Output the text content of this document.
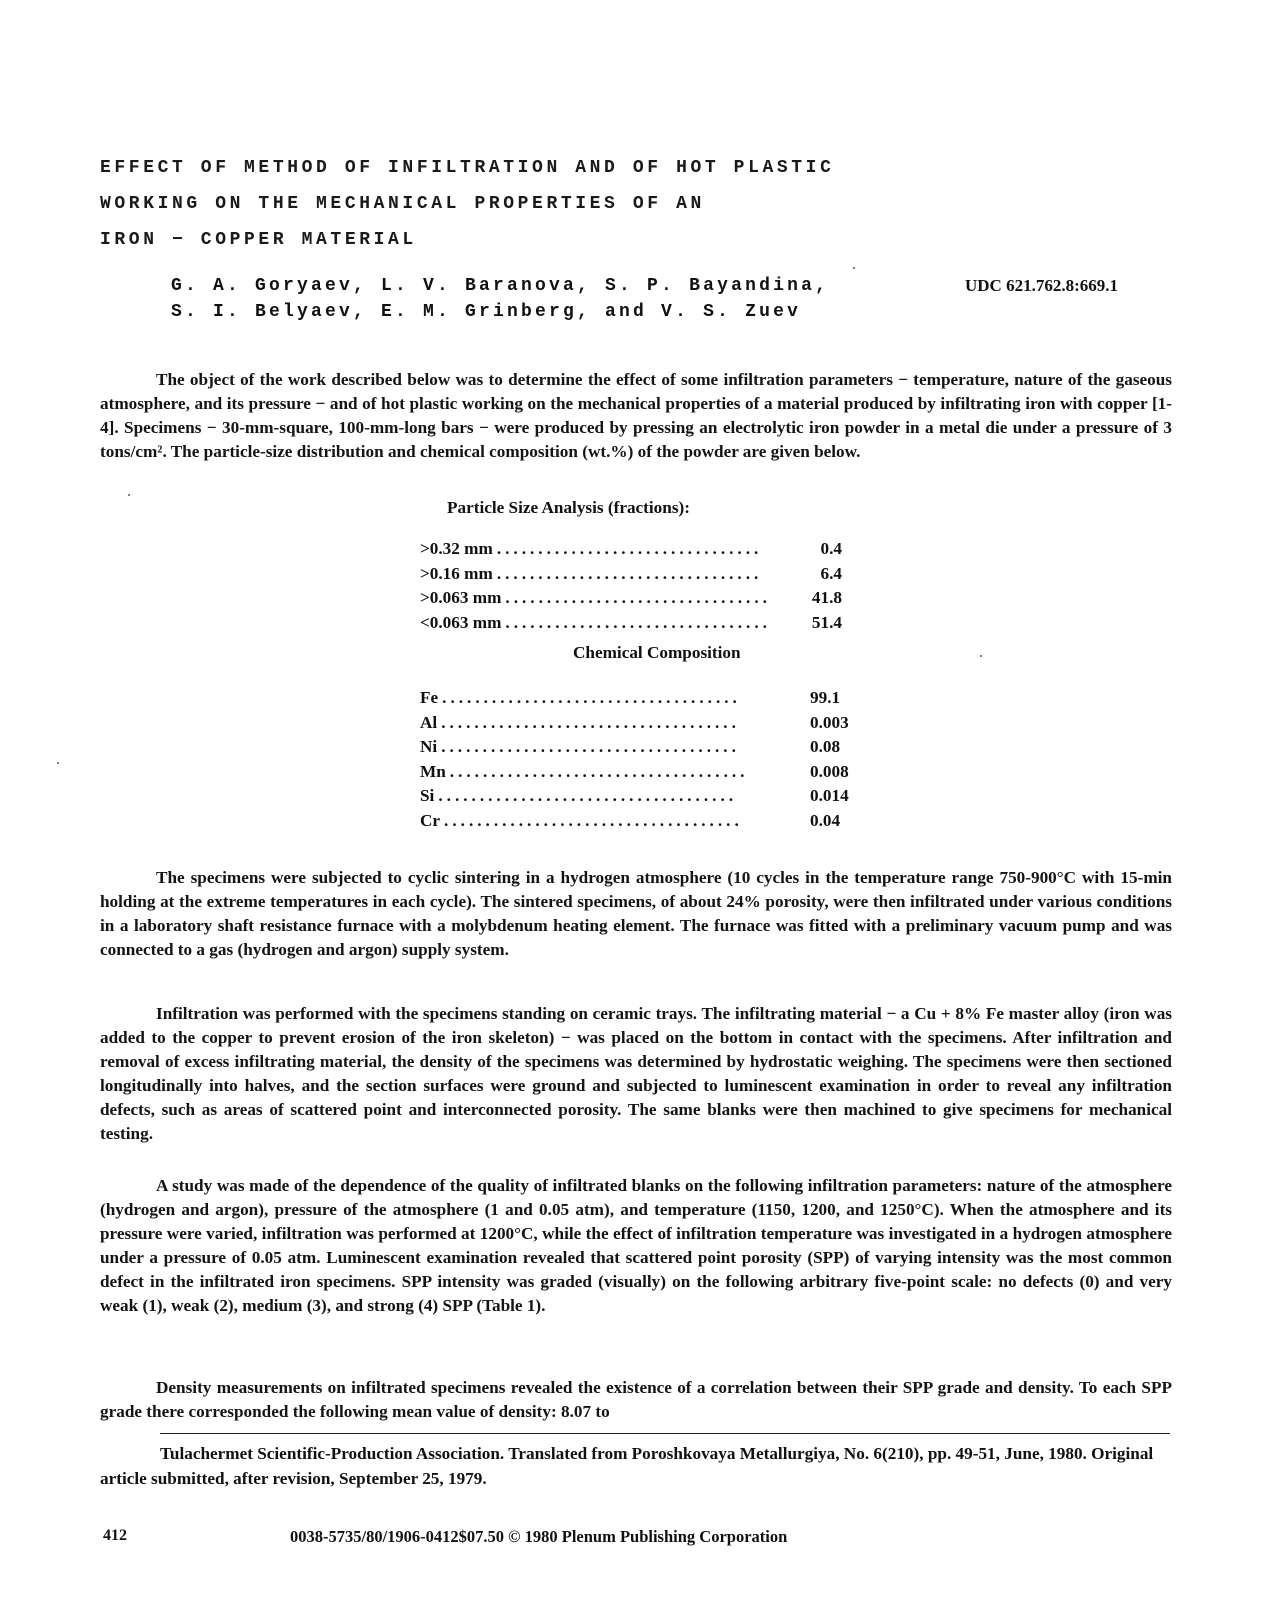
EFFECT OF METHOD OF INFILTRATION AND OF HOT PLASTIC
WORKING ON THE MECHANICAL PROPERTIES OF AN
IRON − COPPER MATERIAL
G. A. Goryaev, L. V. Baranova, S. P. Bayandina,
S. I. Belyaev, E. M. Grinberg, and V. S. Zuev
UDC 621.762.8:669.1
The object of the work described below was to determine the effect of some infiltration parameters − temperature, nature of the gaseous atmosphere, and its pressure − and of hot plastic working on the mechanical properties of a material produced by infiltrating iron with copper [1-4]. Specimens − 30-mm-square, 100-mm-long bars − were produced by pressing an electrolytic iron powder in a metal die under a pressure of 3 tons/cm². The particle-size distribution and chemical composition (wt.%) of the powder are given below.
Particle Size Analysis (fractions):
>0.32 mm ................................	0.4
>0.16 mm ................................	6.4
>0.063 mm ................................	41.8
<0.063 mm ................................	51.4
Chemical Composition
Fe ....................................	99.1
Al ....................................	0.003
Ni ....................................	0.08
Mn ....................................	0.008
Si ....................................	0.014
Cr ....................................	0.04
The specimens were subjected to cyclic sintering in a hydrogen atmosphere (10 cycles in the temperature range 750-900°C with 15-min holding at the extreme temperatures in each cycle). The sintered specimens, of about 24% porosity, were then infiltrated under various conditions in a laboratory shaft resistance furnace with a molybdenum heating element. The furnace was fitted with a preliminary vacuum pump and was connected to a gas (hydrogen and argon) supply system.
Infiltration was performed with the specimens standing on ceramic trays. The infiltrating material − a Cu + 8% Fe master alloy (iron was added to the copper to prevent erosion of the iron skeleton) − was placed on the bottom in contact with the specimens. After infiltration and removal of excess infiltrating material, the density of the specimens was determined by hydrostatic weighing. The specimens were then sectioned longitudinally into halves, and the section surfaces were ground and subjected to luminescent examination in order to reveal any infiltration defects, such as areas of scattered point and interconnected porosity. The same blanks were then machined to give specimens for mechanical testing.
A study was made of the dependence of the quality of infiltrated blanks on the following infiltration parameters: nature of the atmosphere (hydrogen and argon), pressure of the atmosphere (1 and 0.05 atm), and temperature (1150, 1200, and 1250°C). When the atmosphere and its pressure were varied, infiltration was performed at 1200°C, while the effect of infiltration temperature was investigated in a hydrogen atmosphere under a pressure of 0.05 atm. Luminescent examination revealed that scattered point porosity (SPP) of varying intensity was the most common defect in the infiltrated iron specimens. SPP intensity was graded (visually) on the following arbitrary five-point scale: no defects (0) and very weak (1), weak (2), medium (3), and strong (4) SPP (Table 1).
Density measurements on infiltrated specimens revealed the existence of a correlation between their SPP grade and density. To each SPP grade there corresponded the following mean value of density: 8.07 to
Tulachermet Scientific-Production Association. Translated from Poroshkovaya Metallurgiya, No. 6(210), pp. 49-51, June, 1980. Original article submitted, after revision, September 25, 1979.
412	0038-5735/80/1906-0412$07.50 © 1980 Plenum Publishing Corporation
